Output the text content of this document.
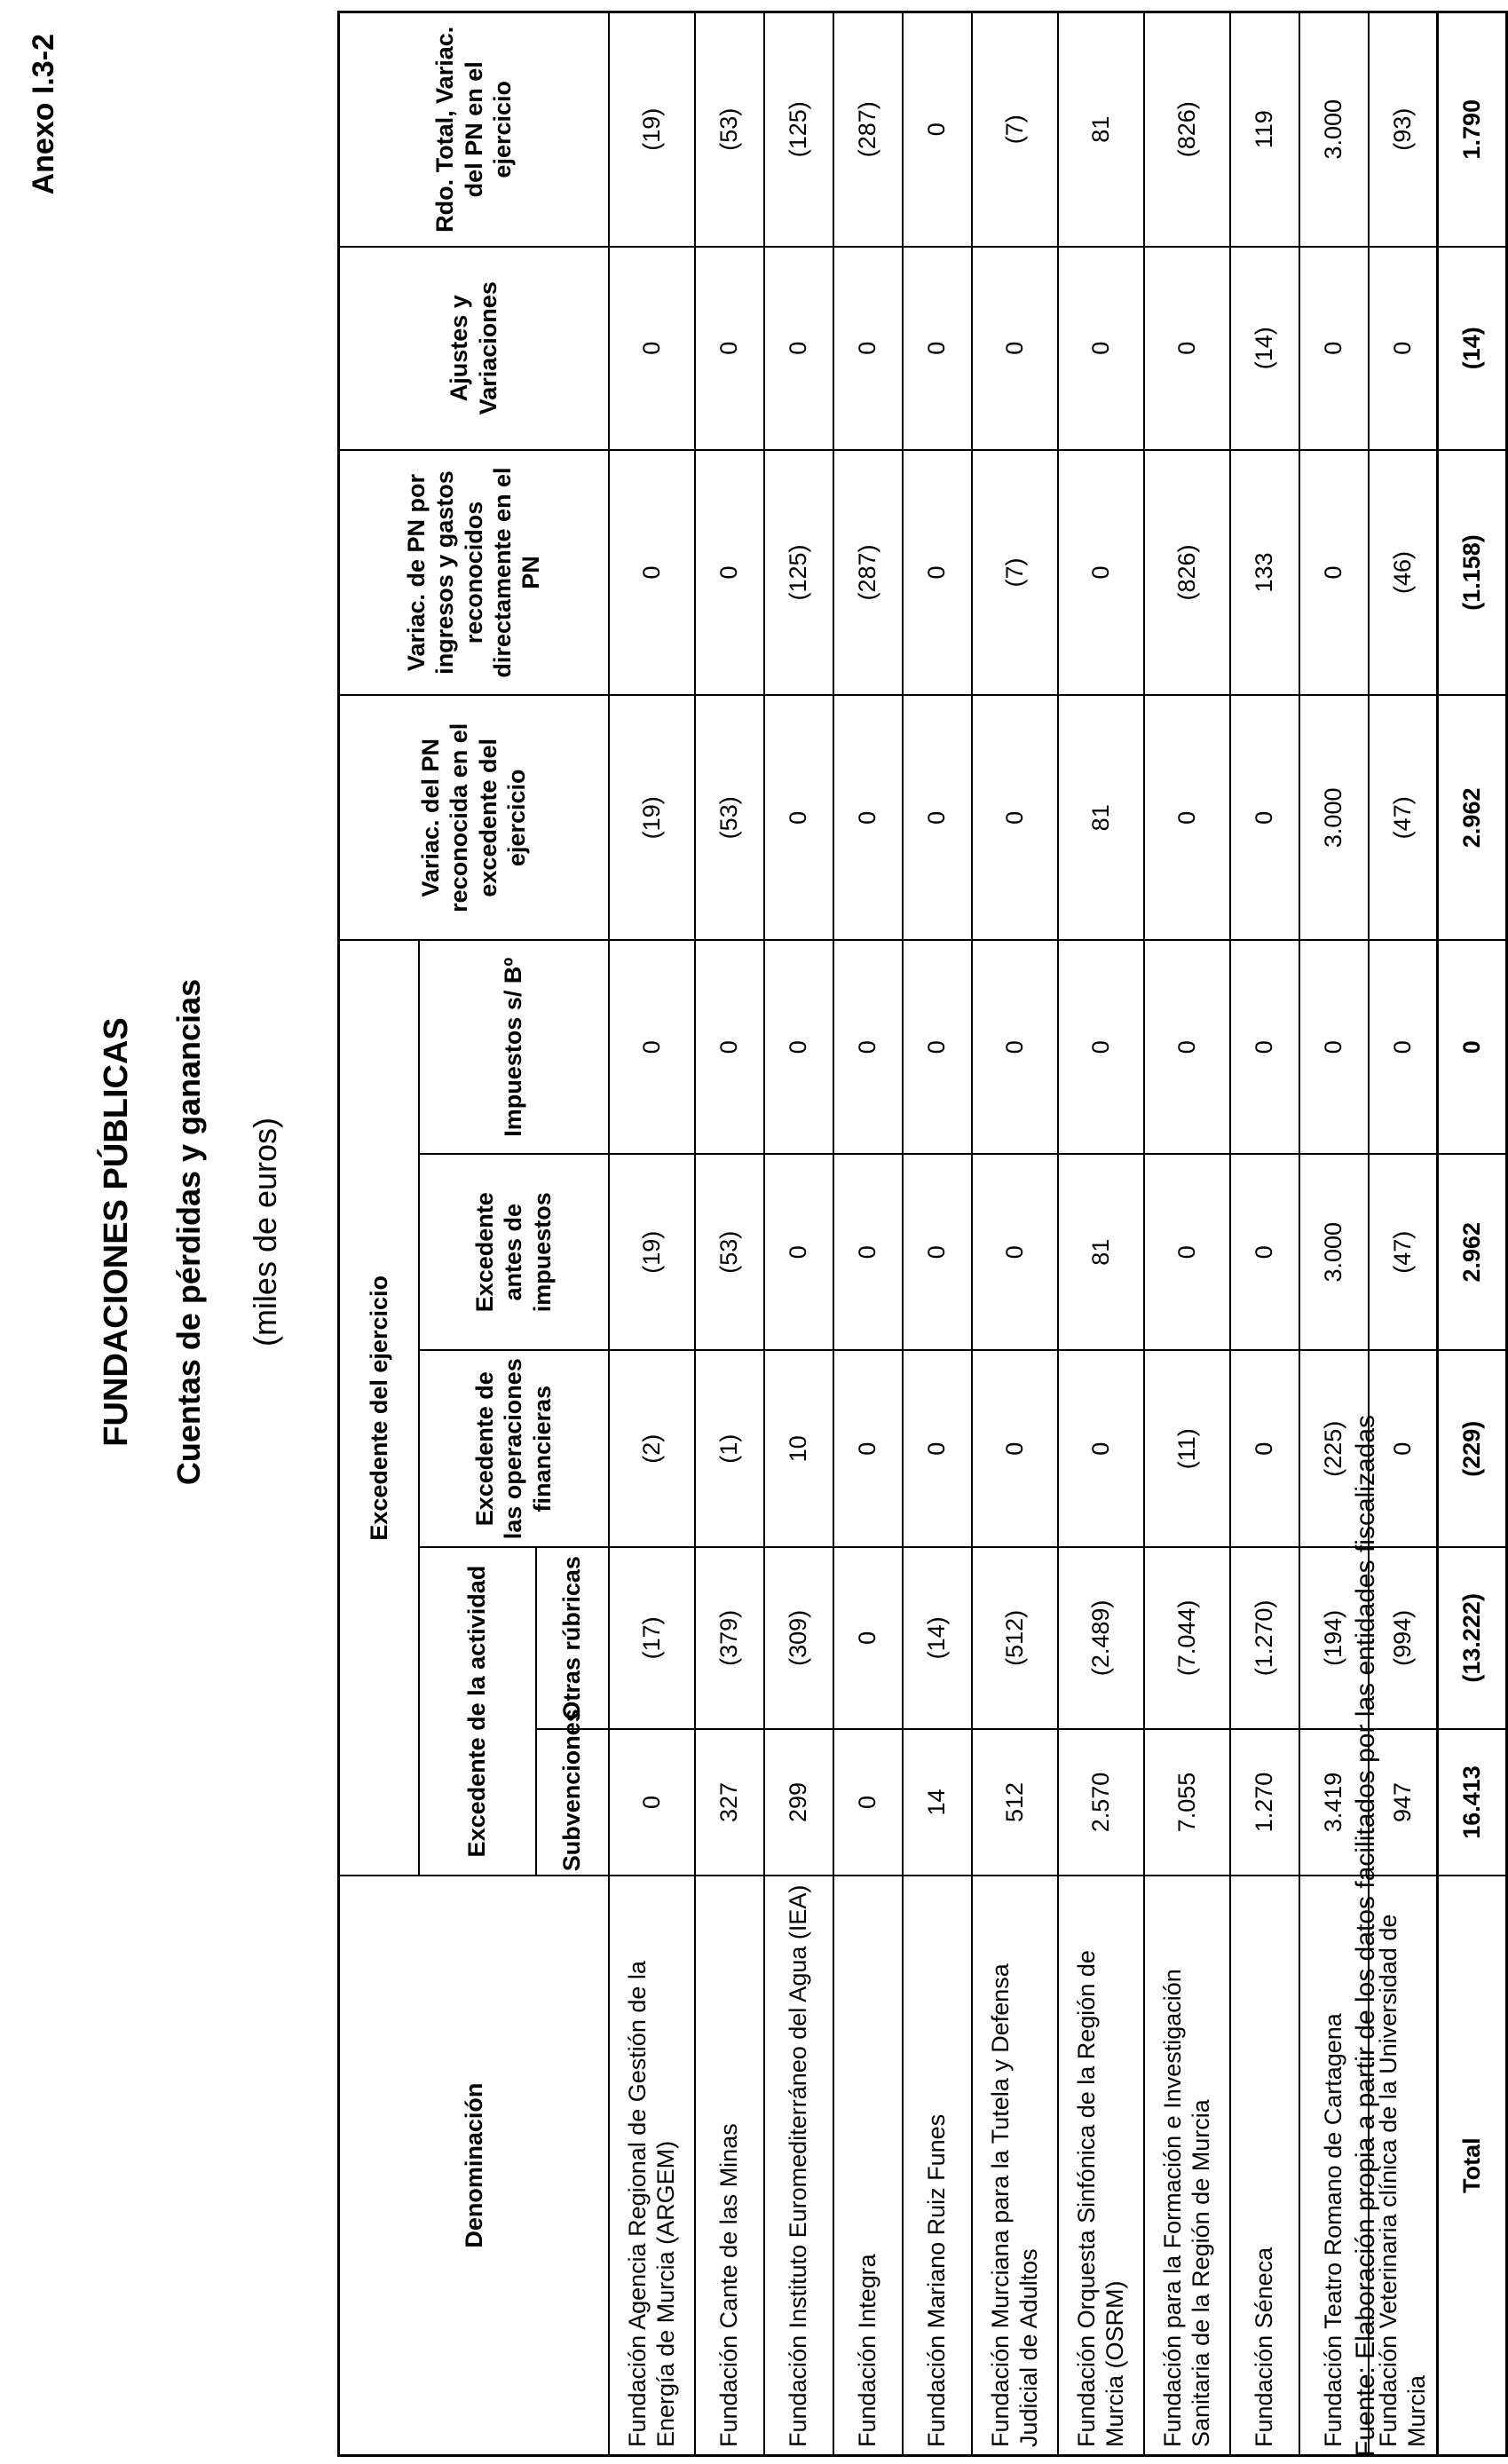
Anexo I.3-2
FUNDACIONES PÚBLICAS Cuentas de pérdidas y ganancias (miles de euros)
Denominación	Excedente del ejercicio					Variac. del PN reconocida en el excedente del ejercicio	Variac. de PN por ingresos y gastos reconocidos directamente en el PN	Ajustes y Variaciones	Rdo. Total, Variac. del PN en el ejercicio
	Excedente de la actividad		Excedente de las operaciones financieras	Excedente antes de impuestos	Impuestos s/ Bº				
	Subvenciones	Otras rúbricas							
Fundación Agencia Regional de Gestión de la Energía de Murcia (ARGEM)	0	(17)	(2)	(19)	0	(19)	0	0	(19)
Fundación Cante de las Minas	327	(379)	(1)	(53)	0	(53)	0	0	(53)
Fundación Instituto Euromediterráneo del Agua (IEA)	299	(309)	10	0	0	0	(125)	0	(125)
Fundación Integra	0	0	0	0	0	0	(287)	0	(287)
Fundación Mariano Ruiz Funes	14	(14)	0	0	0	0	0	0	0
Fundación Murciana para la Tutela y Defensa Judicial de Adultos	512	(512)	0	0	0	0	(7)	0	(7)
Fundación Orquesta Sinfónica de la Región de Murcia (OSRM)	2.570	(2.489)	0	81	0	81	0	0	81
Fundación para la Formación e Investigación Sanitaria de la Región de Murcia	7.055	(7.044)	(11)	0	0	0	(826)	0	(826)
Fundación Séneca	1.270	(1.270)	0	0	0	0	133	(14)	119
Fundación Teatro Romano de Cartagena	3.419	(194)	(225)	3.000	0	3.000	0	0	3.000
Fundación Veterinaria clínica de la Universidad de Murcia	947	(994)	0	(47)	0	(47)	(46)	0	(93)
Total	16.413	(13.222)	(229)	2.962	0	2.962	(1.158)	(14)	1.790
Fuente: Elaboración propia a partir de los datos facilitados por las entidades fiscalizadas
